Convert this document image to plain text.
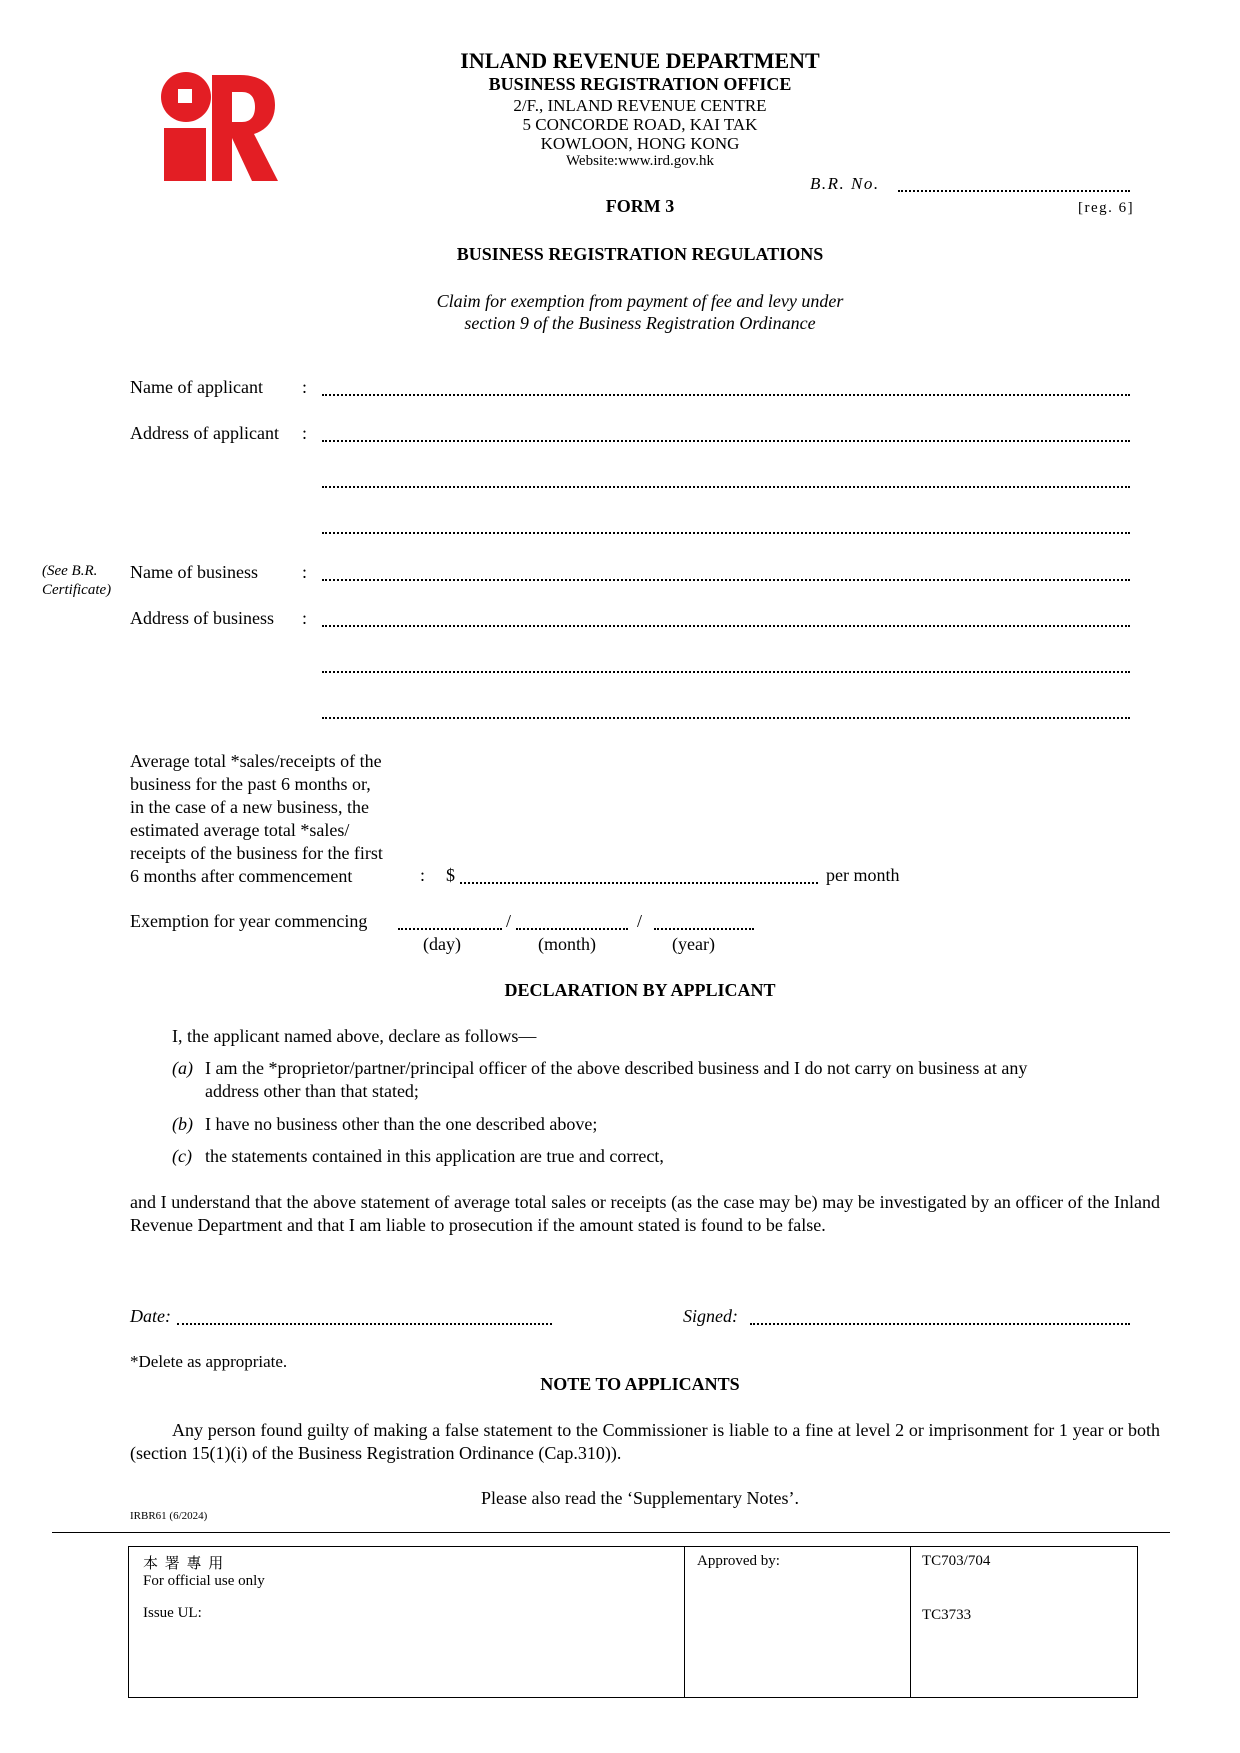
INLAND REVENUE DEPARTMENT
BUSINESS REGISTRATION OFFICE
2/F., INLAND REVENUE CENTRE
5 CONCORDE ROAD, KAI TAK
KOWLOON, HONG KONG
Website:www.ird.gov.hk
B.R. No.
FORM 3	[reg. 6]
BUSINESS REGISTRATION REGULATIONS
Claim for exemption from payment of fee and levy under
section 9 of the Business Registration Ordinance
Name of applicant :
Address of applicant :
(See B.R.
Certificate)
Name of business :
Address of business :
Average total *sales/receipts of the
business for the past 6 months or,
in the case of a new business, the
estimated average total *sales/
receipts of the business for the first
6 months after commencement	: $	per month
Exemption for year commencing	/	/
(day)	(month)	(year)
DECLARATION BY APPLICANT
I, the applicant named above, declare as follows—
(a) I am the *proprietor/partner/principal officer of the above described business and I do not carry on business at any
address other than that stated;
(b) I have no business other than the one described above;
(c) the statements contained in this application are true and correct,
and I understand that the above statement of average total sales or receipts (as the case may be) may be investigated by an officer of the Inland Revenue Department and that I am liable to prosecution if the amount stated is found to be false.
Date:	Signed:
*Delete as appropriate.
NOTE TO APPLICANTS
Any person found guilty of making a false statement to the Commissioner is liable to a fine at level 2 or imprisonment for 1 year or both (section 15(1)(i) of the Business Registration Ordinance (Cap.310)).
Please also read the ‘Supplementary Notes’.
IRBR61 (6/2024)
本 署 專 用
For official use only
Issue UL:
Approved by:	TC703/704
TC3733
